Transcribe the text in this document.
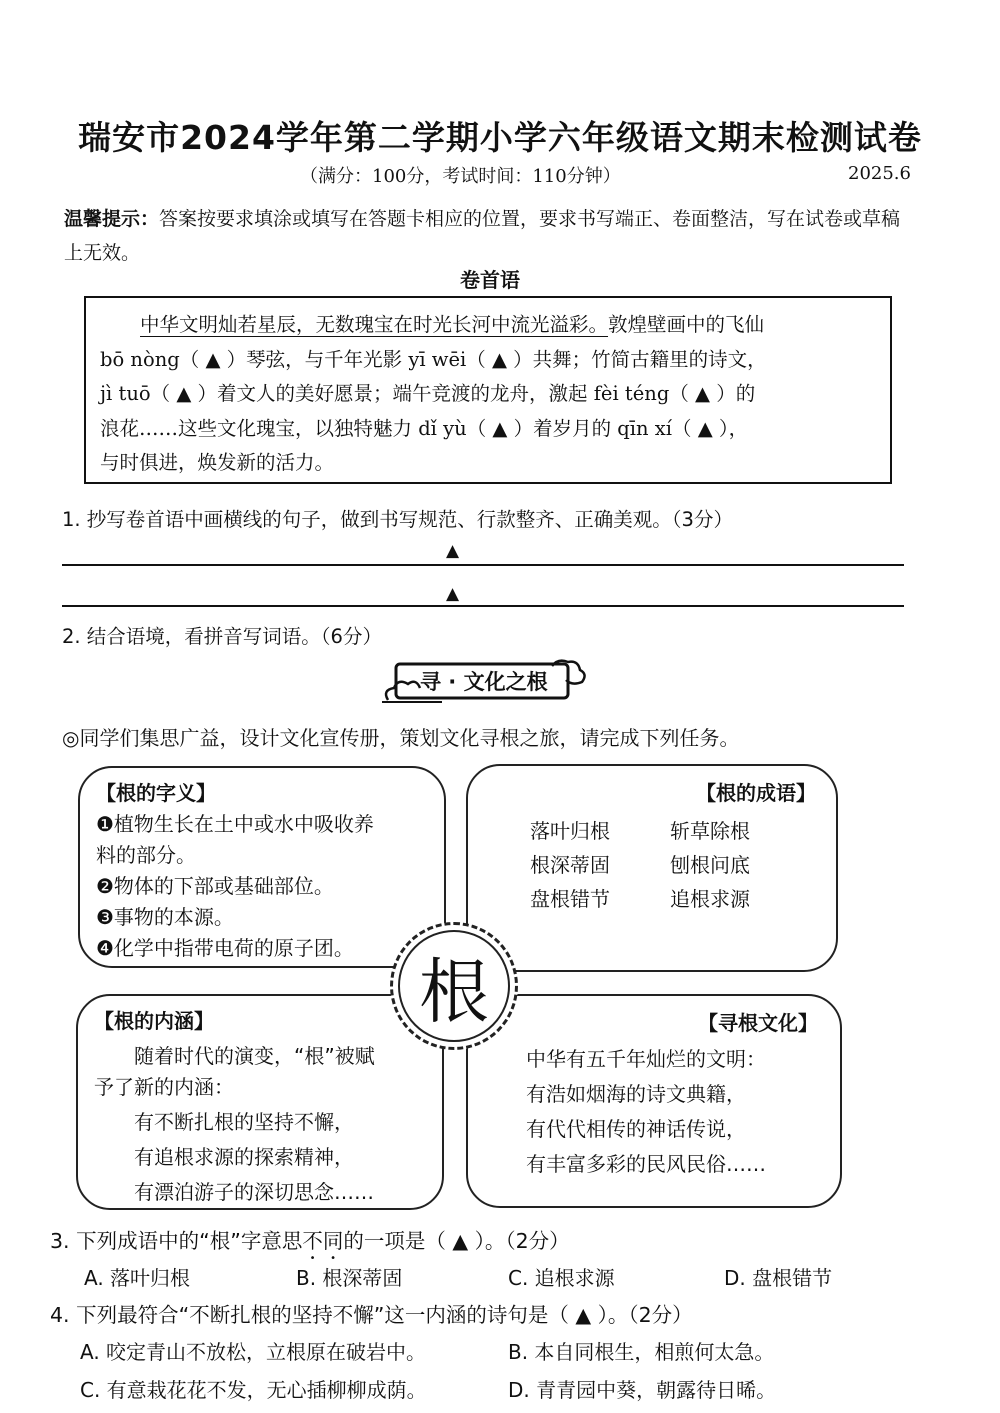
瑞安市2024学年第二学期小学六年级语文期末检测试卷
（满分：100分，考试时间：110分钟）	2025.6
温馨提示：答案按要求填涂或填写在答题卡相应的位置，要求书写端正、卷面整洁，写在试卷或草稿上无效。
卷首语
中华文明灿若星辰，无数瑰宝在时光长河中流光溢彩。敦煌壁画中的飞仙
bō nòng（ ▲ ）琴弦，与千年光影 yī wēi（ ▲ ）共舞；竹简古籍里的诗文，
jì tuō（ ▲ ）着文人的美好愿景；端午竞渡的龙舟，激起 fèi téng（ ▲ ）的
浪花……这些文化瑰宝，以独特魅力 dǐ yù（ ▲ ）着岁月的 qīn xí（ ▲ ），
与时俱进，焕发新的活力。
1. 抄写卷首语中画横线的句子，做到书写规范、行款整齐、正确美观。（3分）
▲
▲
2. 结合语境，看拼音写词语。（6分）
寻 · 文化之根
◎同学们集思广益，设计文化宣传册，策划文化寻根之旅，请完成下列任务。
【根的字义】
❶植物生长在土中或水中吸收养
料的部分。
❷物体的下部或基础部位。
❸事物的本源。
❹化学中指带电荷的原子团。
【根的成语】
落叶归根	斩草除根
根深蒂固	刨根问底
盘根错节	追根求源
【根的内涵】
随着时代的演变，“根”被赋
予了新的内涵：
有不断扎根的坚持不懈，
有追根求源的探索精神，
有漂泊游子的深切思念……
【寻根文化】
中华有五千年灿烂的文明：
有浩如烟海的诗文典籍，
有代代相传的神话传说，
有丰富多彩的民风民俗……
根
3. 下列成语中的“根”字意思不同的一项是（ ▲ ）。（2分）
A. 落叶归根	B. 根深蒂固	C. 追根求源	D. 盘根错节
4. 下列最符合“不断扎根的坚持不懈”这一内涵的诗句是（ ▲ ）。（2分）
A. 咬定青山不放松，立根原在破岩中。	B. 本自同根生，相煎何太急。
C. 有意栽花花不发，无心插柳柳成荫。	D. 青青园中葵，朝露待日晞。
